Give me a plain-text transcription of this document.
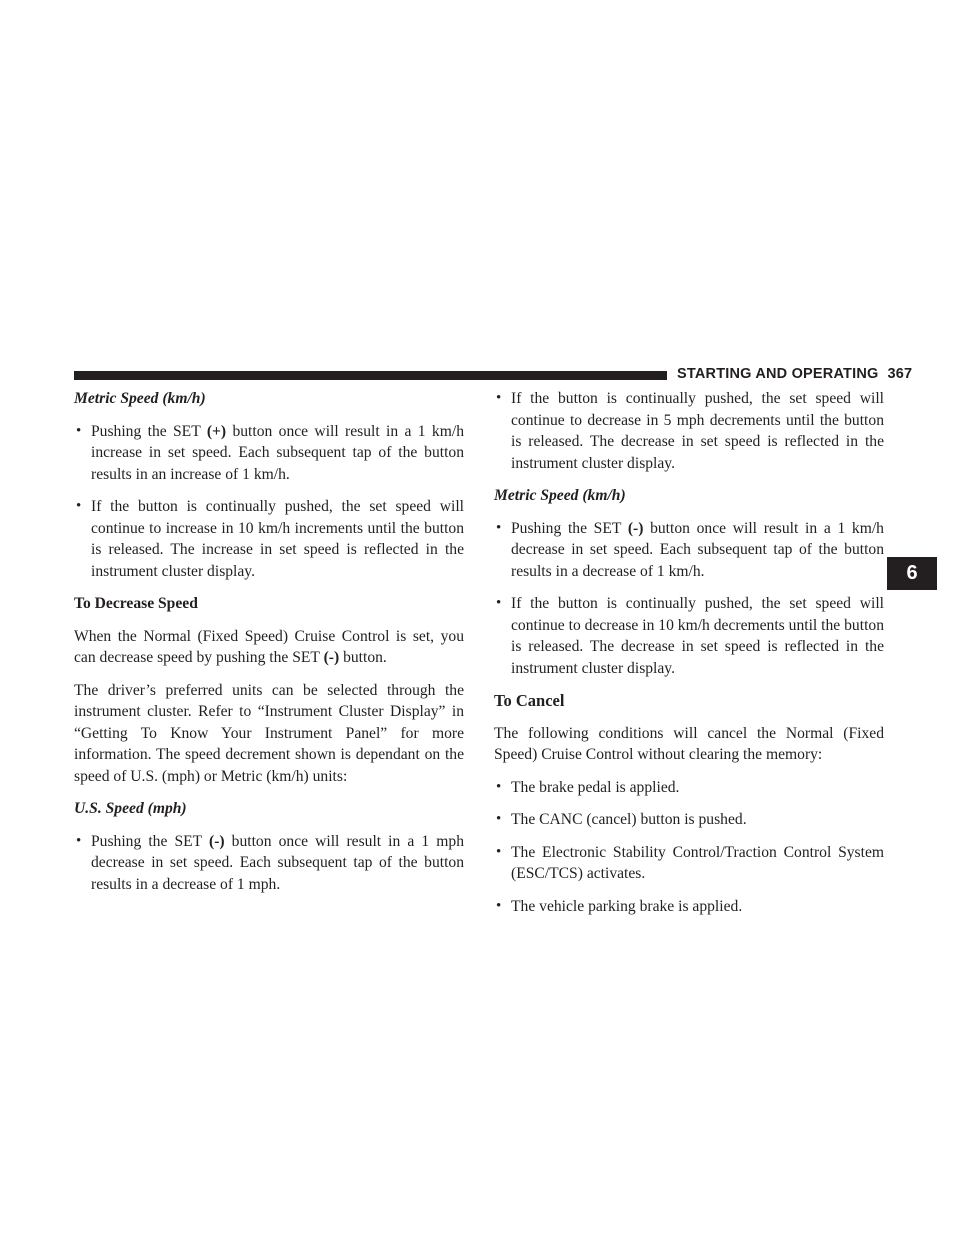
STARTING AND OPERATING 367
Metric Speed (km/h)
• Pushing the SET (+) button once will result in a 1 km/h increase in set speed. Each subsequent tap of the button results in an increase of 1 km/h.
• If the button is continually pushed, the set speed will continue to increase in 10 km/h increments until the button is released. The increase in set speed is reflected in the instrument cluster display.
To Decrease Speed

When the Normal (Fixed Speed) Cruise Control is set, you can decrease speed by pushing the SET (-) button.

The driver’s preferred units can be selected through the instrument cluster. Refer to “Instrument Cluster Display” in “Getting To Know Your Instrument Panel” for more information. The speed decrement shown is dependant on the speed of U.S. (mph) or Metric (km/h) units:

U.S. Speed (mph)
• Pushing the SET (-) button once will result in a 1 mph decrease in set speed. Each subsequent tap of the button results in a decrease of 1 mph.
• If the button is continually pushed, the set speed will continue to decrease in 5 mph decrements until the button is released. The decrease in set speed is reflected in the instrument cluster display.
Metric Speed (km/h)
• Pushing the SET (-) button once will result in a 1 km/h decrease in set speed. Each subsequent tap of the button results in a decrease of 1 km/h.
• If the button is continually pushed, the set speed will continue to decrease in 10 km/h decrements until the button is released. The decrease in set speed is reflected in the instrument cluster display.
To Cancel

The following conditions will cancel the Normal (Fixed Speed) Cruise Control without clearing the memory:

• The brake pedal is applied.
• The CANC (cancel) button is pushed.
• The Electronic Stability Control/Traction Control System (ESC/TCS) activates.
• The vehicle parking brake is applied.
6
